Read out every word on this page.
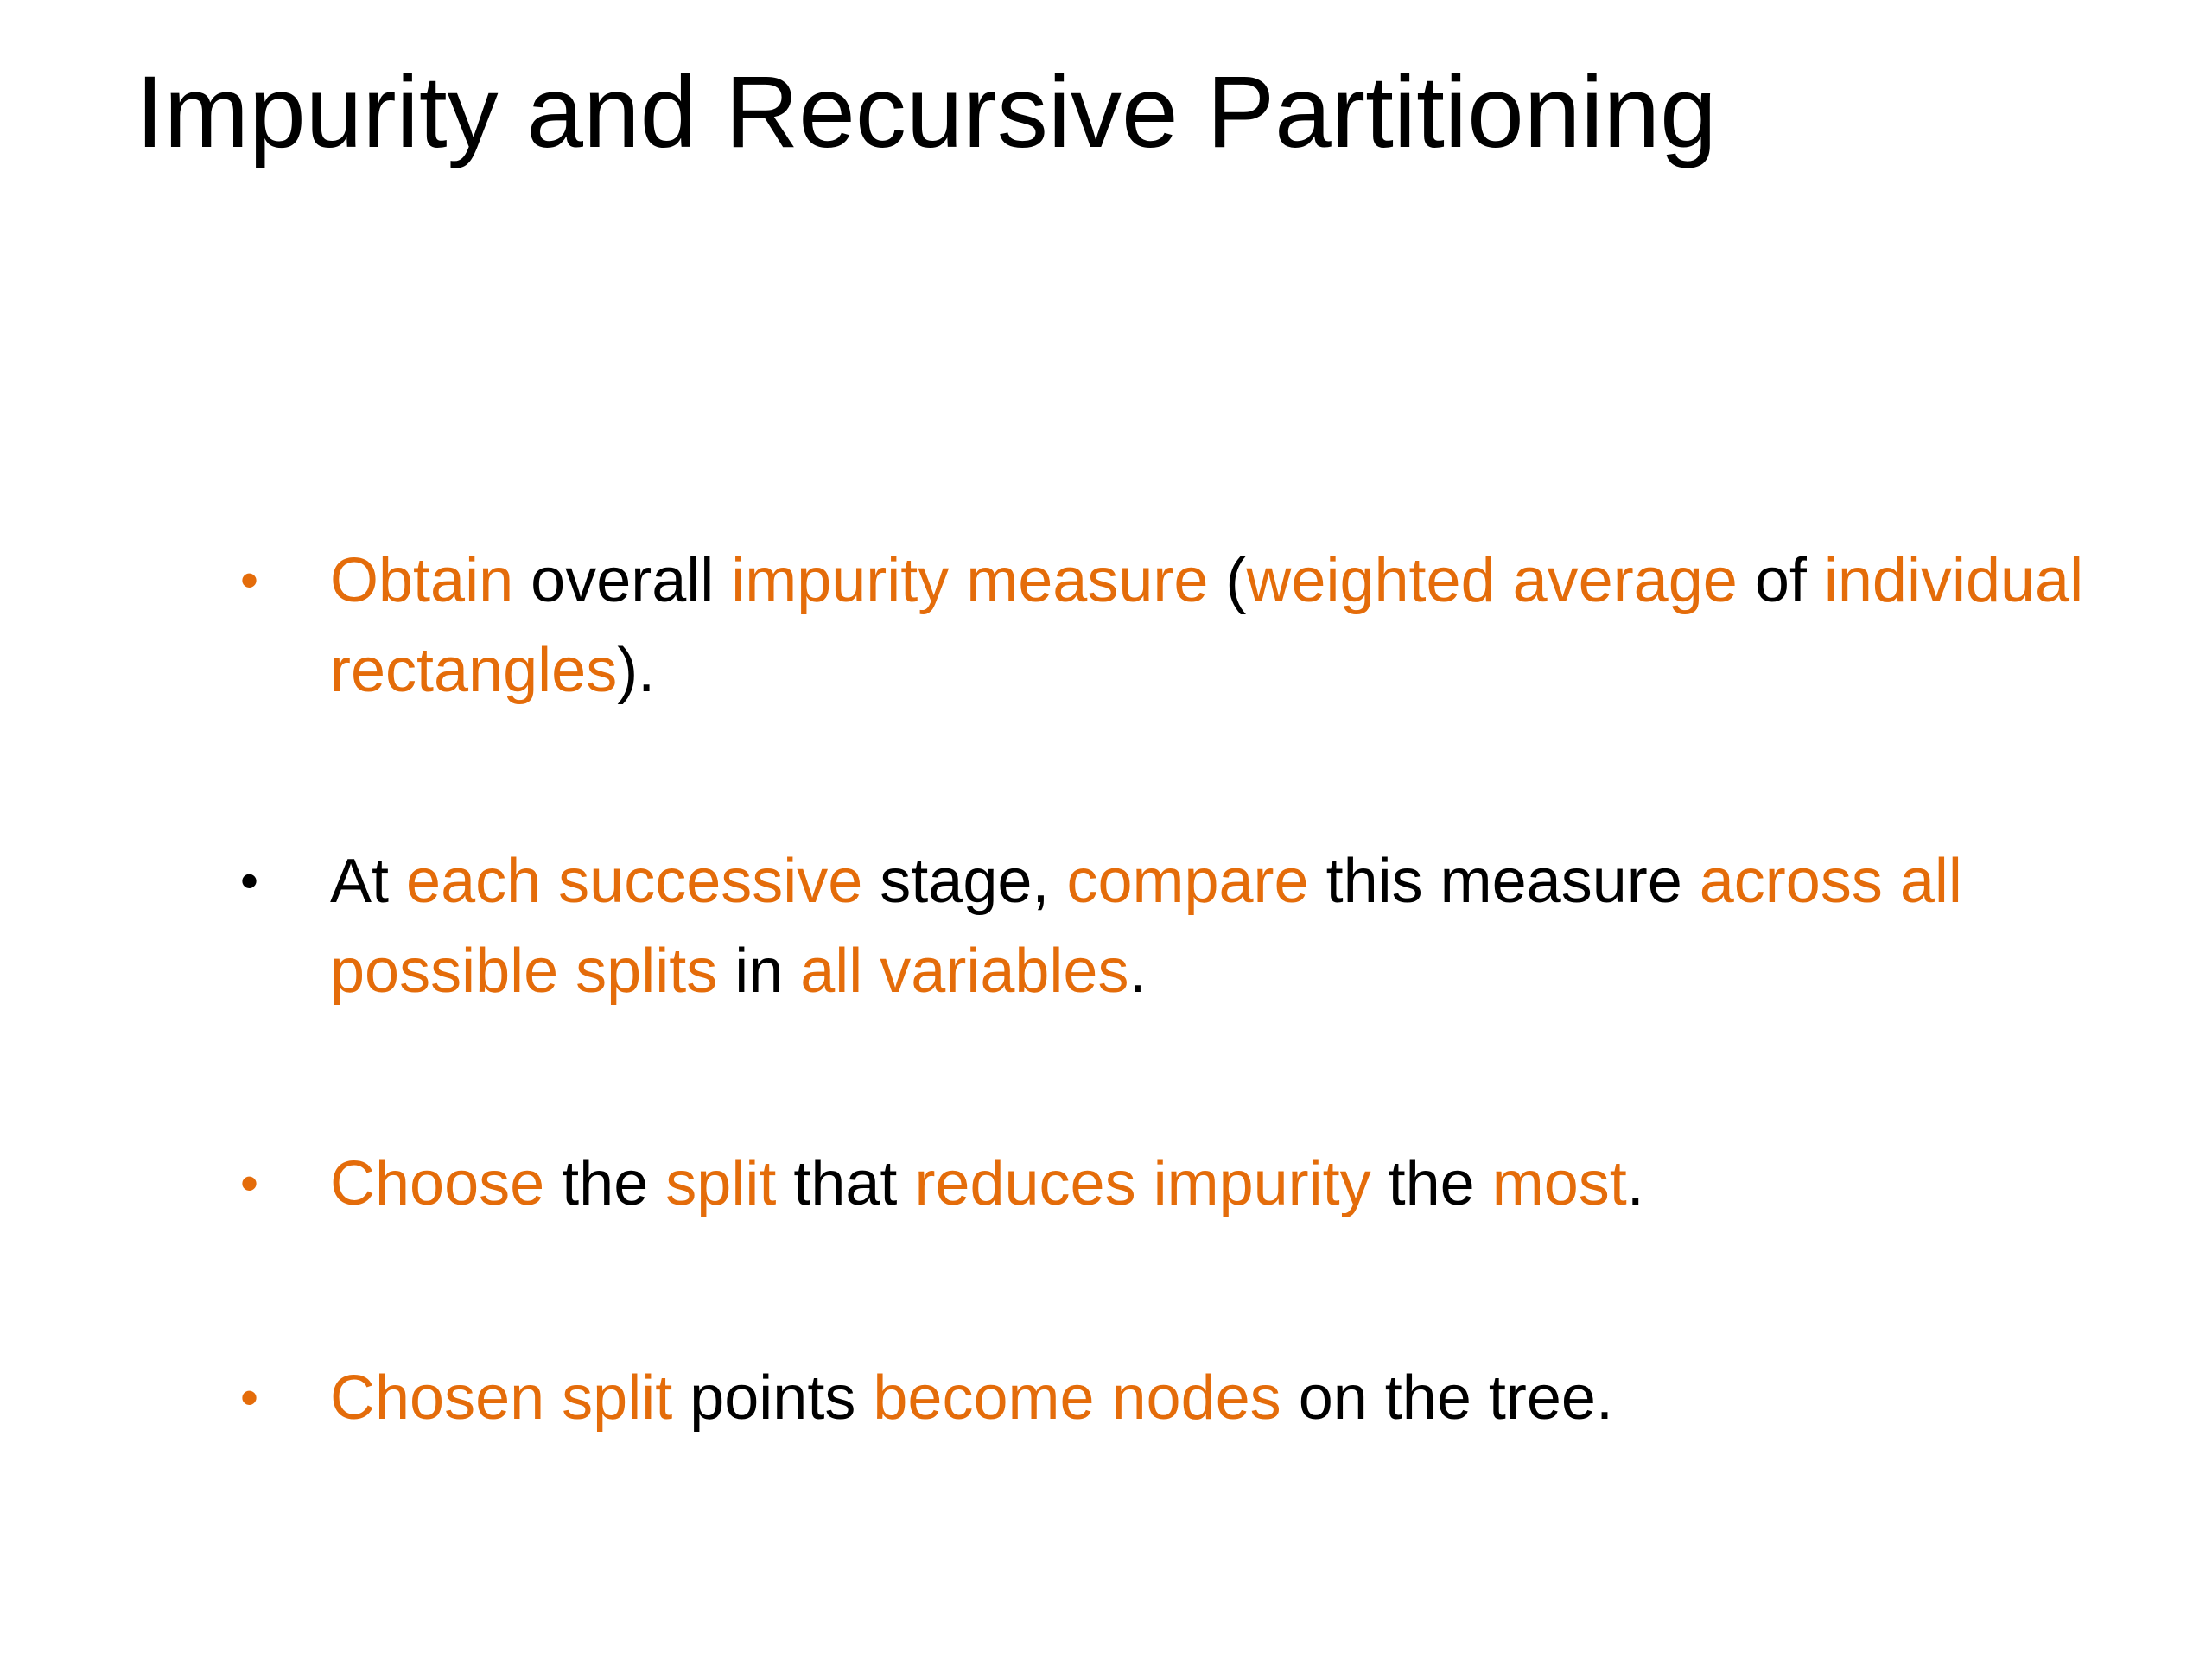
Impurity and Recursive Partitioning
•	Obtain overall impurity measure (weighted average of individual rectangles).
•	At each successive stage, compare this measure across all possible splits in all variables.
•	Choose the split that reduces impurity the most.
•	Chosen split points become nodes on the tree.
